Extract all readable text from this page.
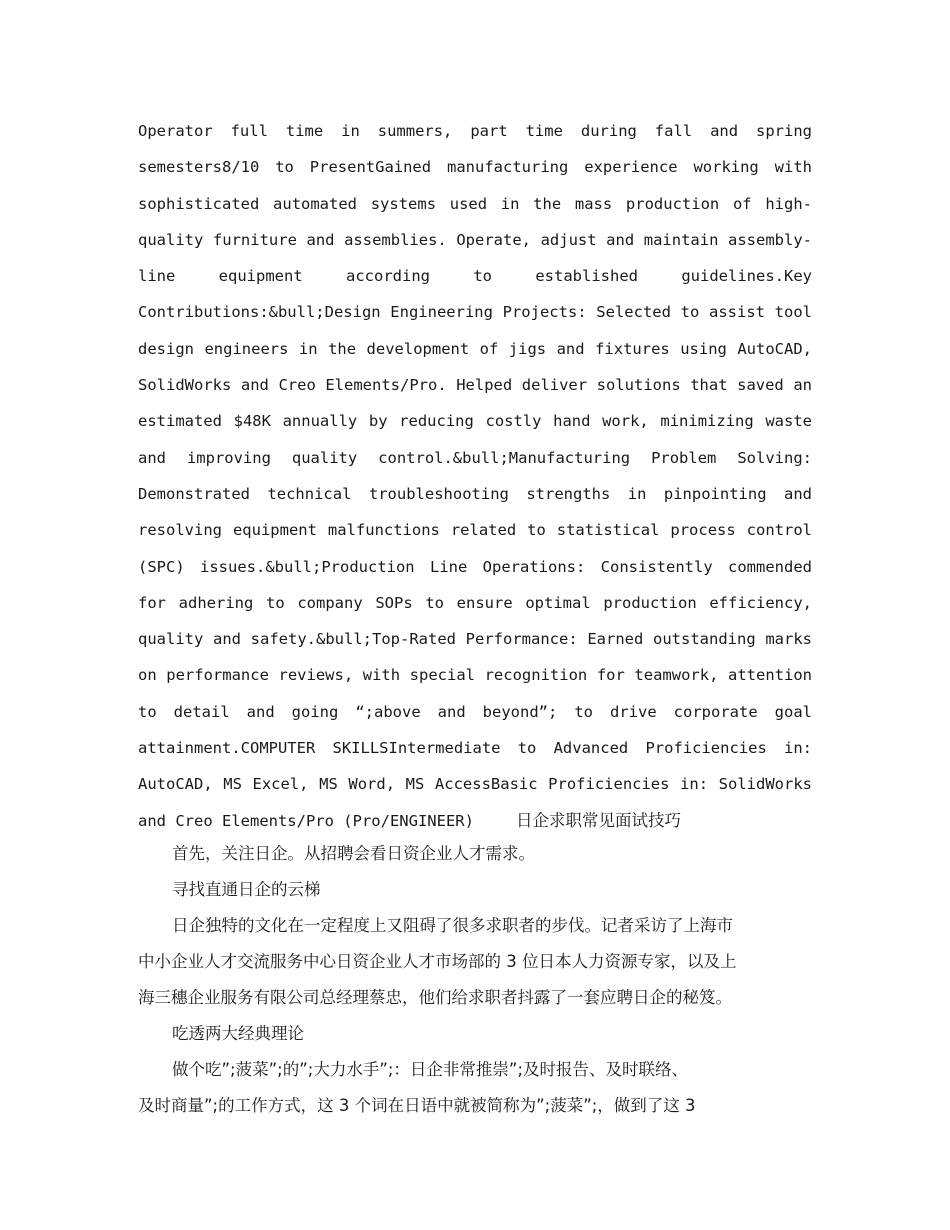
Operator full time in summers, part time during fall and spring
semesters8/10 to PresentGained manufacturing experience working with
sophisticated automated systems used in the mass production of high-
quality furniture and assemblies. Operate, adjust and maintain assembly-
line equipment according to established guidelines.Key
Contributions:&bull;Design Engineering Projects: Selected to assist tool
design engineers in the development of jigs and fixtures using AutoCAD,
SolidWorks and Creo Elements/Pro. Helped deliver solutions that saved an
estimated $48K annually by reducing costly hand work, minimizing waste
and improving quality control.&bull;Manufacturing Problem Solving:
Demonstrated technical troubleshooting strengths in pinpointing and
resolving equipment malfunctions related to statistical process control
(SPC) issues.&bull;Production Line Operations: Consistently commended
for adhering to company SOPs to ensure optimal production efficiency,
quality and safety.&bull;Top-Rated Performance: Earned outstanding marks
on performance reviews, with special recognition for teamwork, attention
to detail and going “;above and beyond”; to drive corporate goal
attainment.COMPUTER SKILLSIntermediate to Advanced Proficiencies in:
AutoCAD, MS Excel, MS Word, MS AccessBasic Proficiencies in: SolidWorks
and Creo Elements/Pro (Pro/ENGINEER)	日企求职常见面试技巧
首先，关注日企。从招聘会看日资企业人才需求。
寻找直通日企的云梯
日企独特的文化在一定程度上又阻碍了很多求职者的步伐。记者采访了上海市
中小企业人才交流服务中心日资企业人才市场部的 3 位日本人力资源专家，以及上
海三穗企业服务有限公司总经理蔡忠，他们给求职者抖露了一套应聘日企的秘笈。
吃透两大经典理论
做个吃”;菠菜”;的”;大力水手”;：日企非常推崇”;及时报告、及时联络、
及时商量”;的工作方式，这 3 个词在日语中就被简称为”;菠菜”;，做到了这 3
